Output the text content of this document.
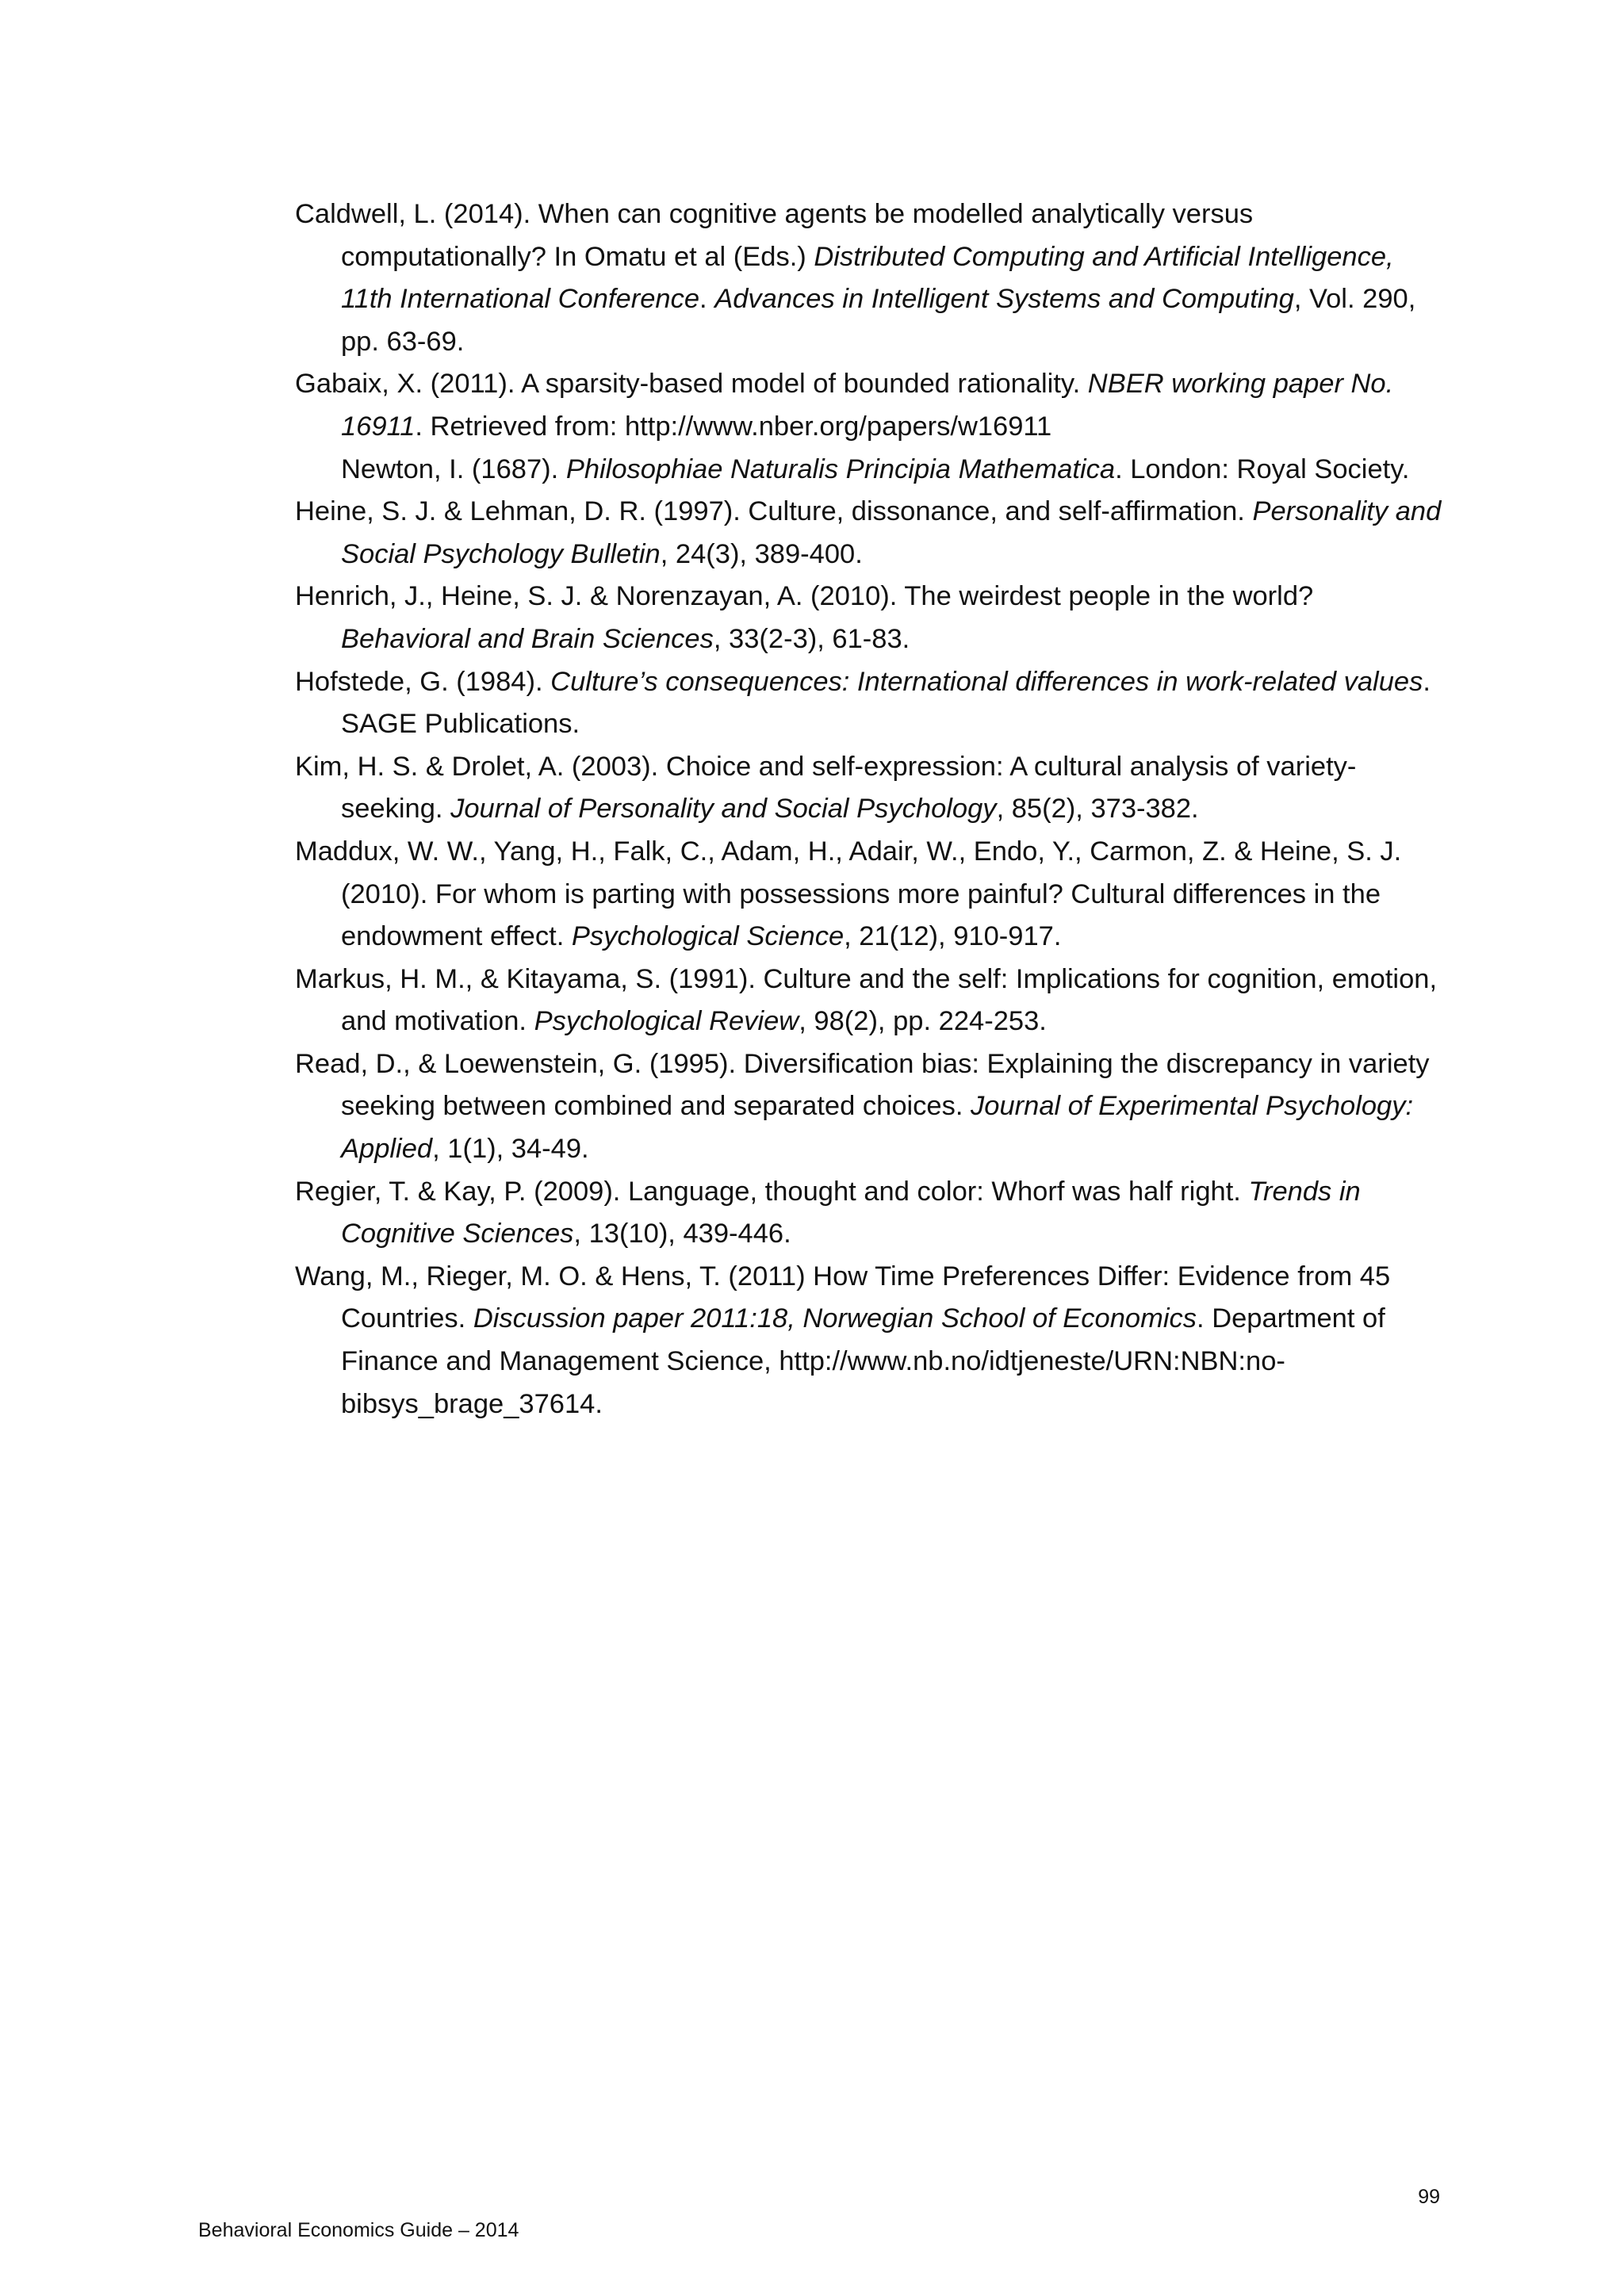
Caldwell, L. (2014). When can cognitive agents be modelled analytically versus computationally? In Omatu et al (Eds.) Distributed Computing and Artificial Intelligence, 11th International Conference. Advances in Intelligent Systems and Computing, Vol. 290, pp. 63-69.

Gabaix, X. (2011). A sparsity-based model of bounded rationality. NBER working paper No. 16911. Retrieved from: http://www.nber.org/papers/w16911

Newton, I. (1687). Philosophiae Naturalis Principia Mathematica. London: Royal Society.

Heine, S. J. & Lehman, D. R. (1997). Culture, dissonance, and self-affirmation. Personality and Social Psychology Bulletin, 24(3), 389-400.

Henrich, J., Heine, S. J. & Norenzayan, A. (2010). The weirdest people in the world? Behavioral and Brain Sciences, 33(2-3), 61-83.

Hofstede, G. (1984). Culture’s consequences: International differences in work-related values. SAGE Publications.

Kim, H. S. & Drolet, A. (2003). Choice and self-expression: A cultural analysis of variety-seeking. Journal of Personality and Social Psychology, 85(2), 373-382.

Maddux, W. W., Yang, H., Falk, C., Adam, H., Adair, W., Endo, Y., Carmon, Z. & Heine, S. J. (2010). For whom is parting with possessions more painful? Cultural differences in the endowment effect. Psychological Science, 21(12), 910-917.

Markus, H. M., & Kitayama, S. (1991). Culture and the self: Implications for cognition, emotion, and motivation. Psychological Review, 98(2), pp. 224-253.

Read, D., & Loewenstein, G. (1995). Diversification bias: Explaining the discrepancy in variety seeking between combined and separated choices. Journal of Experimental Psychology: Applied, 1(1), 34-49.

Regier, T. & Kay, P. (2009). Language, thought and color: Whorf was half right. Trends in Cognitive Sciences, 13(10), 439-446.

Wang, M., Rieger, M. O. & Hens, T. (2011) How Time Preferences Differ: Evidence from 45 Countries. Discussion paper 2011:18, Norwegian School of Economics. Department of Finance and Management Science, http://www.nb.no/idtjeneste/URN:NBN:no-bibsys_brage_37614.

99
Behavioral Economics Guide – 2014
